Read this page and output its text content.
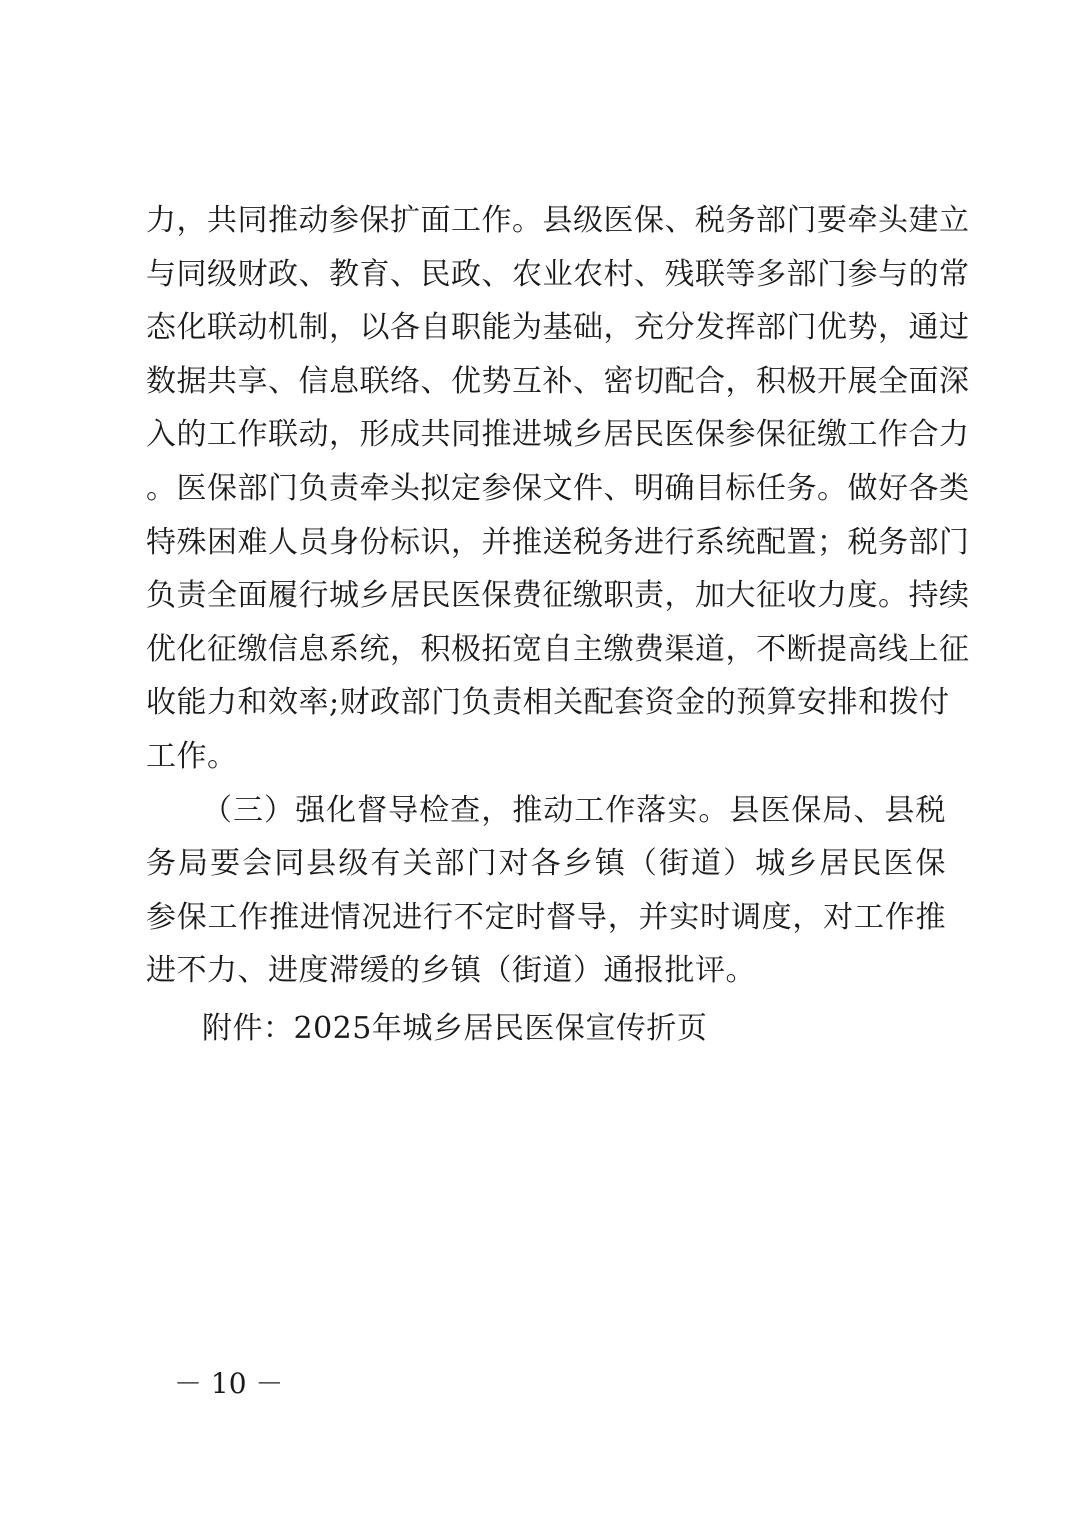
力，共同推动参保扩面工作。县级医保、税务部门要牵头建立
与同级财政、教育、民政、农业农村、残联等多部门参与的常
态化联动机制，以各自职能为基础，充分发挥部门优势，通过
数据共享、信息联络、优势互补、密切配合，积极开展全面深
入的工作联动，形成共同推进城乡居民医保参保征缴工作合力
。医保部门负责牵头拟定参保文件、明确目标任务。做好各类
特殊困难人员身份标识，并推送税务进行系统配置；税务部门
负责全面履行城乡居民医保费征缴职责，加大征收力度。持续
优化征缴信息系统，积极拓宽自主缴费渠道，不断提高线上征
收能力和效率;财政部门负责相关配套资金的预算安排和拨付
工作。
（三）强化督导检查，推动工作落实。县医保局、县税
务局要会同县级有关部门对各乡镇（街道）城乡居民医保
参保工作推进情况进行不定时督导，并实时调度，对工作推
进不力、进度滞缓的乡镇（街道）通报批评。
附件：2025年城乡居民医保宣传折页
－ 10 －
